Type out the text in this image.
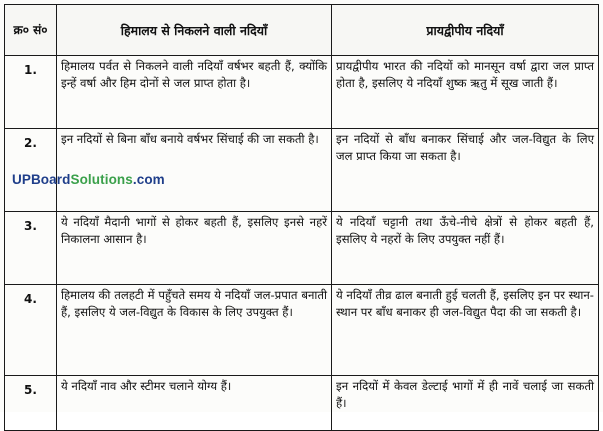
क्र० सं०	हिमालय से निकलने वाली नदियाँ	प्रायद्वीपीय नदियाँ
1.	हिमालय पर्वत से निकलने वाली नदियाँ वर्षभर बहती हैं, क्योंकि इन्हें वर्षा और हिम दोनों से जल प्राप्त होता है।	प्रायद्वीपीय भारत की नदियों को मानसून वर्षा द्वारा जल प्राप्त होता है, इसलिए ये नदियाँ शुष्क ऋतु में सूख जाती हैं।
2.	इन नदियों से बिना बाँध बनाये वर्षभर सिंचाई की जा सकती है।	इन नदियों से बाँध बनाकर सिंचाई और जल-विद्युत के लिए जल प्राप्त किया जा सकता है।
3.	ये नदियाँ मैदानी भागों से होकर बहती हैं, इसलिए इनसे नहरें निकालना आसान है।	ये नदियाँ चट्टानी तथा ऊँचे-नीचे क्षेत्रों से होकर बहती हैं, इसलिए ये नहरों के लिए उपयुक्त नहीं हैं।
4.	हिमालय की तलहटी में पहुँचते समय ये नदियाँ जल-प्रपात बनाती हैं, इसलिए ये जल-विद्युत के विकास के लिए उपयुक्त हैं।	ये नदियाँ तीव्र ढाल बनाती हुई चलती हैं, इसलिए इन पर स्थान-स्थान पर बाँध बनाकर ही जल-विद्युत पैदा की जा सकती है।
5.	ये नदियाँ नाव और स्टीमर चलाने योग्य हैं।	इन नदियों में केवल डेल्टाई भागों में ही नावें चलाई जा सकती हैं।
UPBoardSolutions.com
